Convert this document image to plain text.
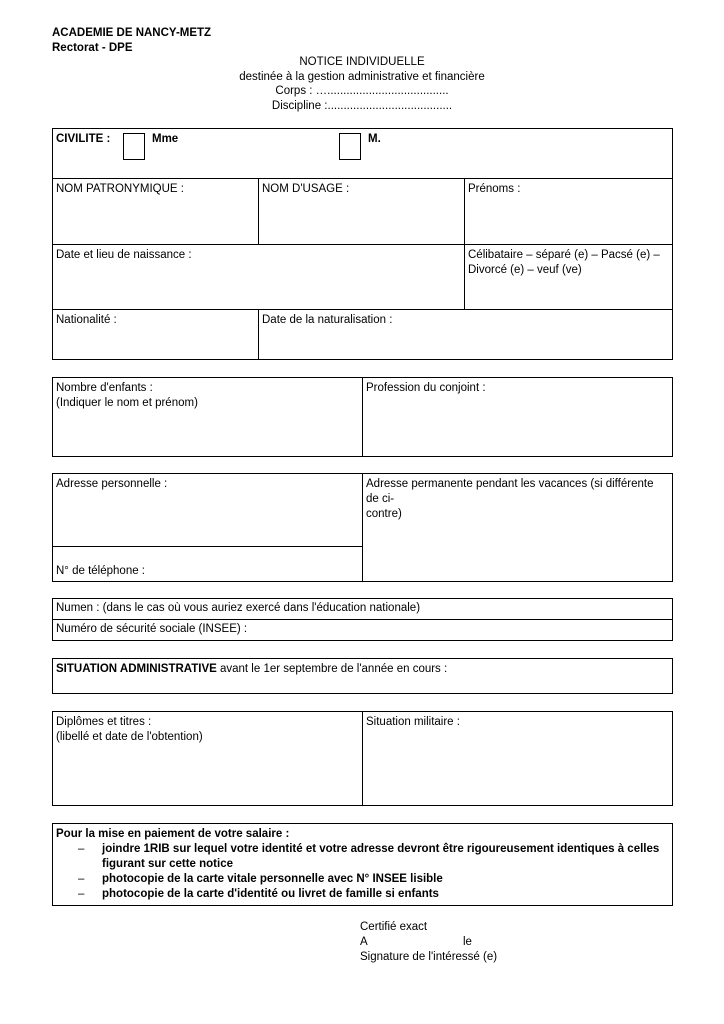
ACADEMIE DE NANCY-METZ
Rectorat - DPE
NOTICE INDIVIDUELLE
destinée à la gestion administrative et financière
Corps : …......................................
Discipline :.......................................
CIVILITE :	Mme	M.
NOM PATRONYMIQUE :	NOM D'USAGE :	Prénoms :
Date et lieu de naissance :	Célibataire – séparé (e) – Pacsé (e) –
Divorcé (e) – veuf (ve)
Nationalité :	Date de la naturalisation :
Nombre d'enfants :
(Indiquer le nom et prénom)
Profession du conjoint :
Adresse personnelle :
N° de téléphone :
Adresse permanente pendant les vacances (si différente de ci-
contre)
Numen : (dans le cas où vous auriez exercé dans l'éducation nationale)
Numéro de sécurité sociale (INSEE) :
SITUATION ADMINISTRATIVE avant le 1er septembre de l'année en cours :
Diplômes et titres :
(libellé et date de l'obtention)
Situation militaire :
Pour la mise en paiement de votre salaire :
– joindre 1RIB sur lequel votre identité et votre adresse devront être rigoureusement identiques à celles figurant sur cette notice
– photocopie de la carte vitale personnelle avec N° INSEE lisible
– photocopie de la carte d'identité ou livret de famille si enfants
Certifié exact
A	le
Signature de l'intéressé (e)
